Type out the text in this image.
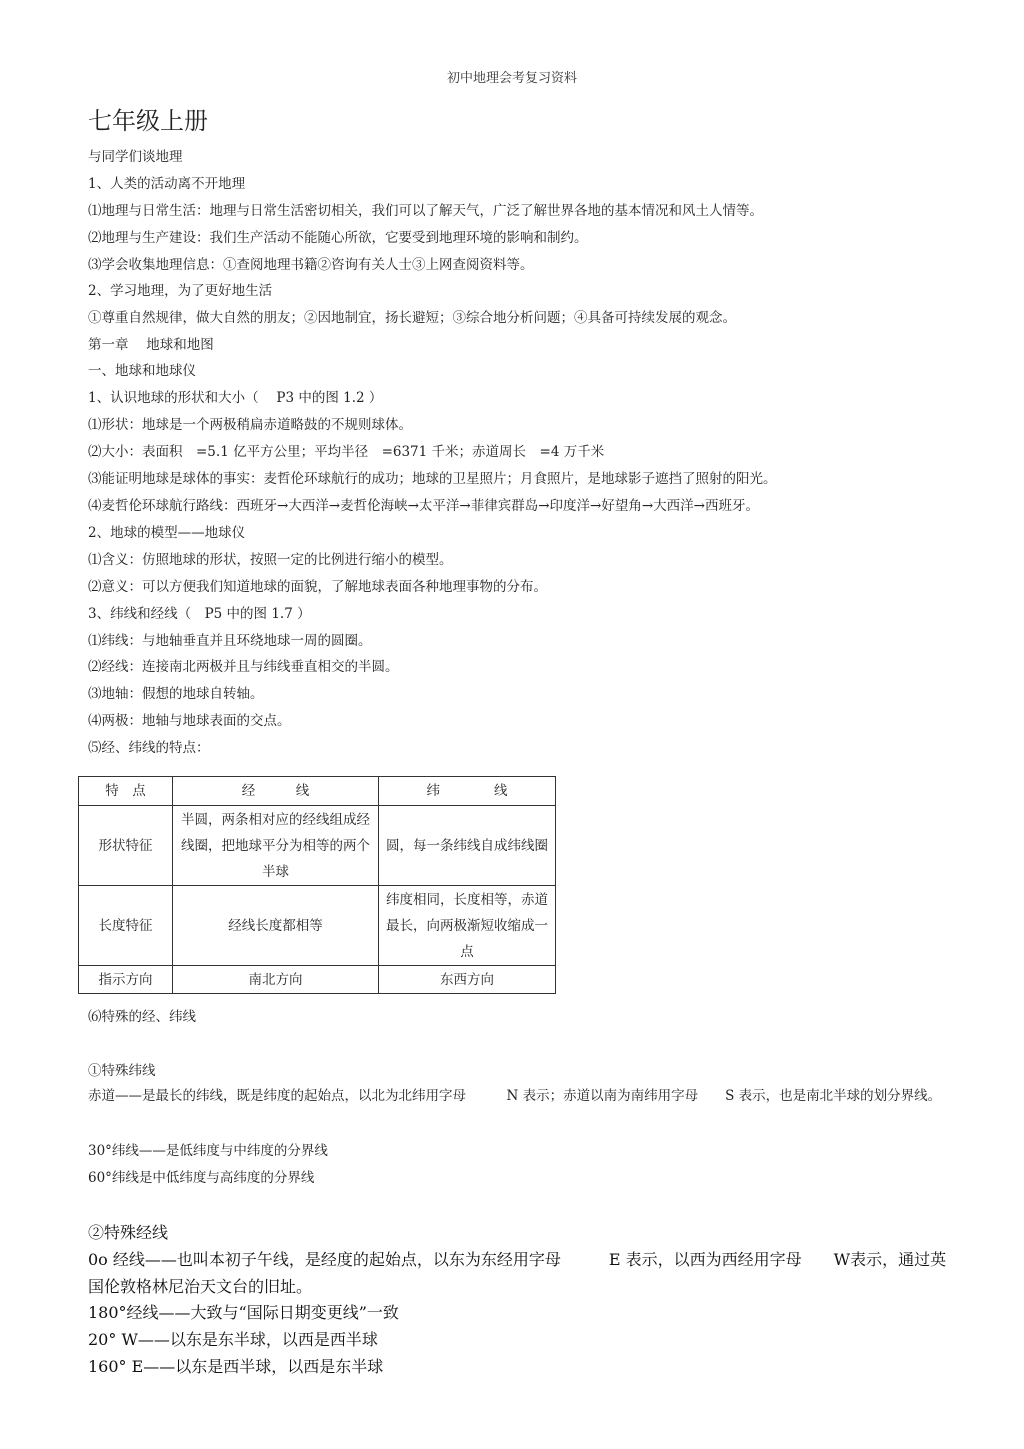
初中地理会考复习资料
七年级上册
与同学们谈地理
1、人类的活动离不开地理
⑴地理与日常生活：地理与日常生活密切相关，我们可以了解天气，广泛了解世界各地的基本情况和风土人情等。
⑵地理与生产建设：我们生产活动不能随心所欲，它要受到地理环境的影响和制约。
⑶学会收集地理信息：①查阅地理书籍②咨询有关人士③上网查阅资料等。
2、学习地理，为了更好地生活
①尊重自然规律，做大自然的朋友；②因地制宜，扬长避短；③综合地分析问题；④具备可持续发展的观念。
第一章　 地球和地图
一、地球和地球仪
1、认识地球的形状和大小（　 P3 中的图 1.2 ）
⑴形状：地球是一个两极稍扁赤道略鼓的不规则球体。
⑵大小：表面积　=5.1 亿平方公里；平均半径　=6371 千米；赤道周长　=4 万千米
⑶能证明地球是球体的事实：麦哲伦环球航行的成功；地球的卫星照片；月食照片，是地球影子遮挡了照射的阳光。
⑷麦哲伦环球航行路线：西班牙→大西洋→麦哲伦海峡→太平洋→菲律宾群岛→印度洋→好望角→大西洋→西班牙。
2、地球的模型——地球仪
⑴含义：仿照地球的形状，按照一定的比例进行缩小的模型。
⑵意义：可以方便我们知道地球的面貌，了解地球表面各种地理事物的分布。
3、纬线和经线（　P5 中的图 1.7 ）
⑴纬线：与地轴垂直并且环绕地球一周的圆圈。
⑵经线：连接南北两极并且与纬线垂直相交的半圆。
⑶地轴：假想的地球自转轴。
⑷两极：地轴与地球表面的交点。
⑸经、纬线的特点：
特　点	经　　　线	纬　　　　线
形状特征	半圆，两条相对应的经线组成经线圈，把地球平分为相等的两个半球	圆，每一条纬线自成纬线圈
长度特征	经线长度都相等	纬度相同，长度相等，赤道最长，向两极渐短收缩成一点
指示方向	南北方向	东西方向
⑹特殊的经、纬线
①特殊纬线
赤道——是最长的纬线，既是纬度的起始点，以北为北纬用字母　　　N 表示；赤道以南为南纬用字母　　S 表示，也是南北半球的划分界线。
30°纬线——是低纬度与中纬度的分界线
60°纬线是中低纬度与高纬度的分界线
②特殊经线
0o 经线——也叫本初子午线，是经度的起始点，以东为东经用字母　　　E 表示，以西为西经用字母　　W表示，通过英国伦敦格林尼治天文台的旧址。
180°经线——大致与“国际日期变更线”一致
20° W——以东是东半球，以西是西半球
160° E——以东是西半球，以西是东半球
